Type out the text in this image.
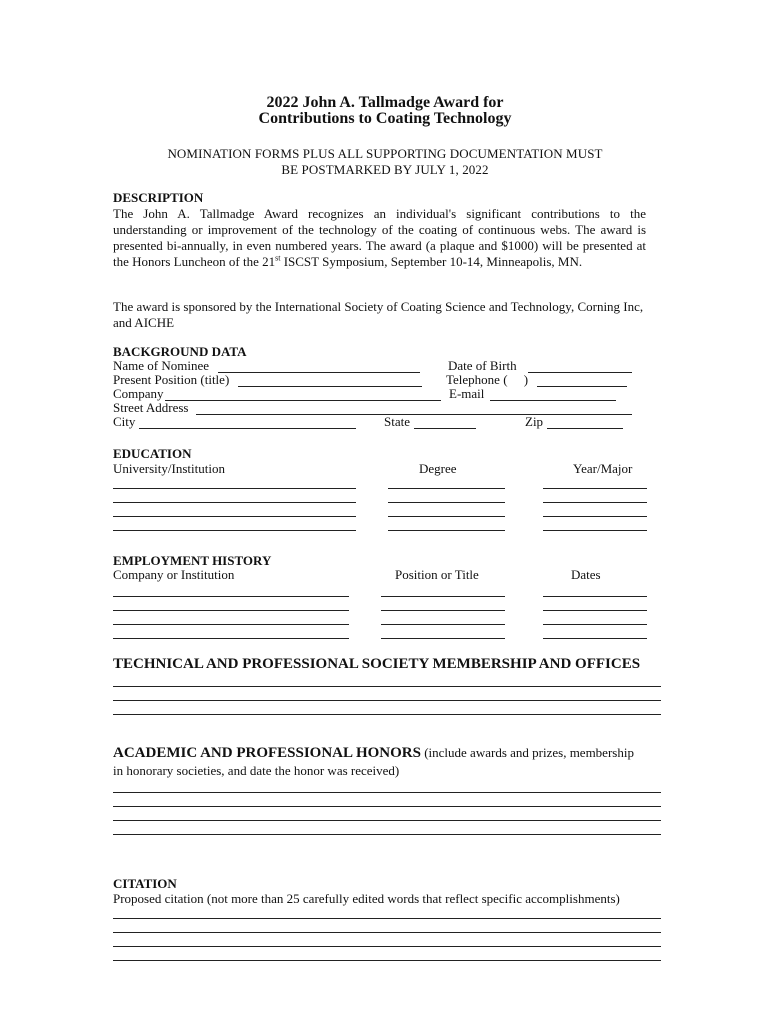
2022 John A. Tallmadge Award for
Contributions to Coating Technology
NOMINATION FORMS PLUS ALL SUPPORTING DOCUMENTATION MUST
BE POSTMARKED BY JULY 1, 2022
DESCRIPTION
The John A. Tallmadge Award recognizes an individual's significant contributions to the understanding or improvement of the technology of the coating of continuous webs. The award is presented bi-annually, in even numbered years. The award (a plaque and $1000) will be presented at the Honors Luncheon of the 21st ISCST Symposium, September 10-14, Minneapolis, MN.
The award is sponsored by the International Society of Coating Science and Technology, Corning Inc, and AICHE
BACKGROUND DATA
Name of Nominee	Date of Birth
Present Position (title)	Telephone (     )
Company	E-mail
Street Address
City	State	Zip
EDUCATION
University/Institution	Degree	Year/Major
EMPLOYMENT HISTORY
Company or Institution	Position or Title	Dates
TECHNICAL AND PROFESSIONAL SOCIETY MEMBERSHIP AND OFFICES
ACADEMIC AND PROFESSIONAL HONORS (include awards and prizes, membership
in honorary societies, and date the honor was received)
CITATION
Proposed citation (not more than 25 carefully edited words that reflect specific accomplishments)
